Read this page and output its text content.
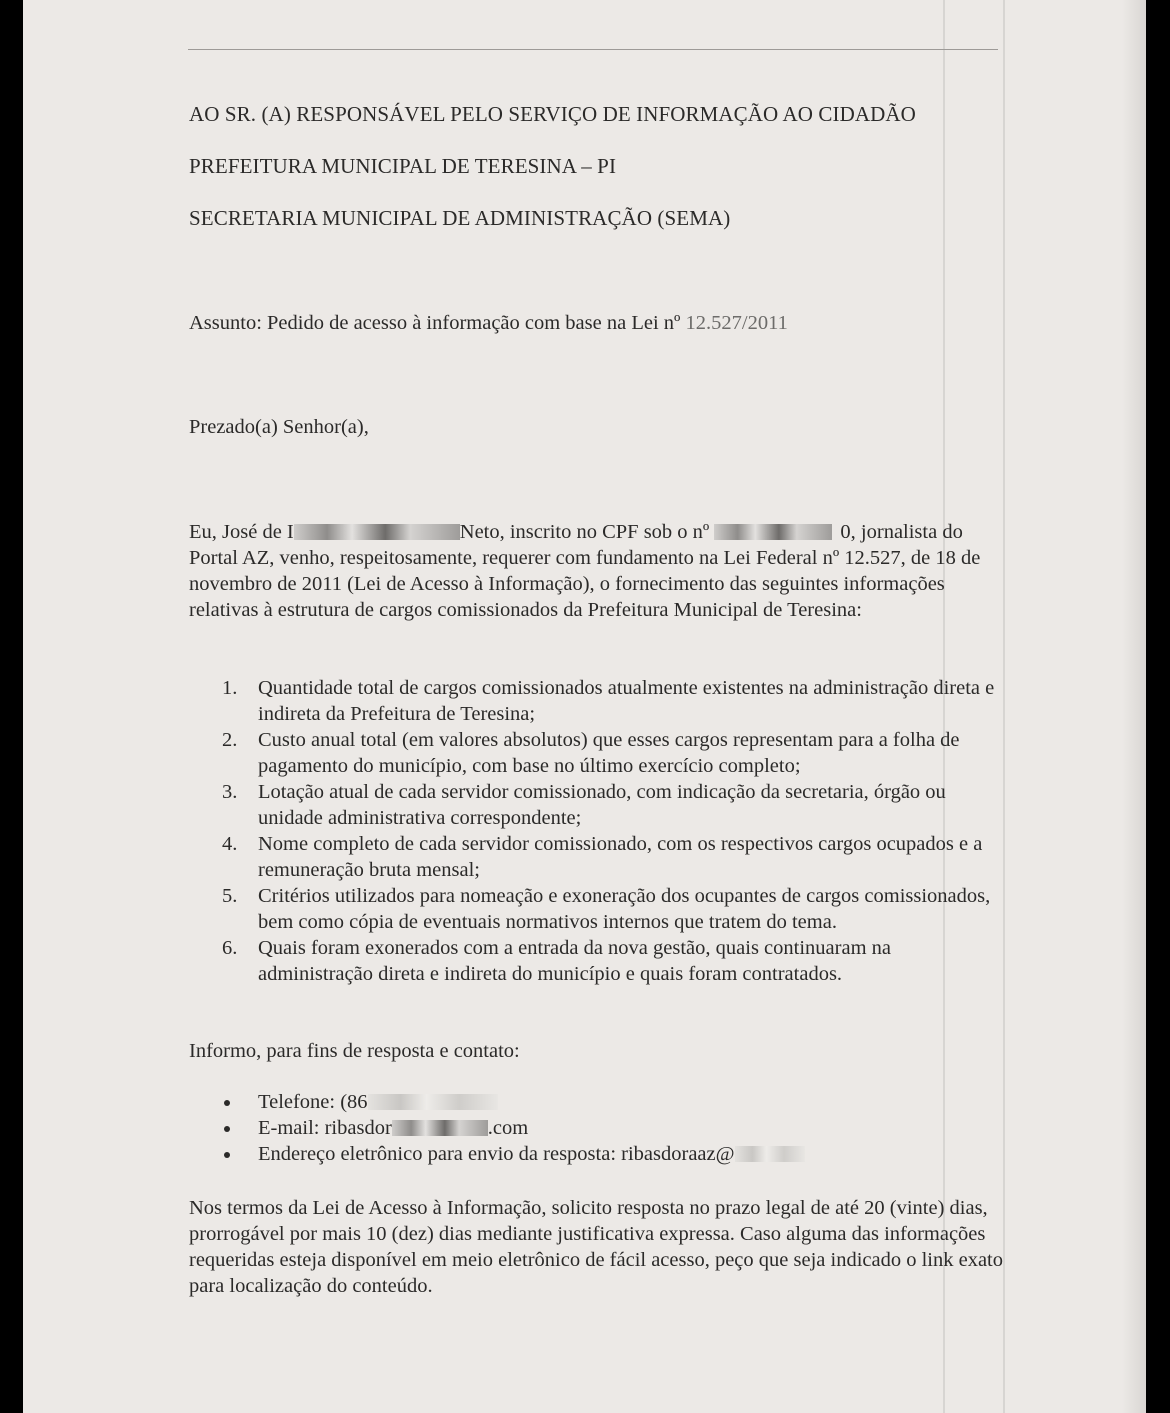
AO SR. (A) RESPONSÁVEL PELO SERVIÇO DE INFORMAÇÃO AO CIDADÃO
PREFEITURA MUNICIPAL DE TERESINA – PI
SECRETARIA MUNICIPAL DE ADMINISTRAÇÃO (SEMA)
Assunto: Pedido de acesso à informação com base na Lei nº 12.527/2011
Prezado(a) Senhor(a),
Eu, José de I	Neto, inscrito no CPF sob o nº	0, jornalista do Portal AZ, venho, respeitosamente, requerer com fundamento na Lei Federal nº 12.527, de 18 de novembro de 2011 (Lei de Acesso à Informação), o fornecimento das seguintes informações relativas à estrutura de cargos comissionados da Prefeitura Municipal de Teresina:
1. Quantidade total de cargos comissionados atualmente existentes na administração direta e indireta da Prefeitura de Teresina;
2. Custo anual total (em valores absolutos) que esses cargos representam para a folha de pagamento do município, com base no último exercício completo;
3. Lotação atual de cada servidor comissionado, com indicação da secretaria, órgão ou unidade administrativa correspondente;
4. Nome completo de cada servidor comissionado, com os respectivos cargos ocupados e a remuneração bruta mensal;
5. Critérios utilizados para nomeação e exoneração dos ocupantes de cargos comissionados, bem como cópia de eventuais normativos internos que tratem do tema.
6. Quais foram exonerados com a entrada da nova gestão, quais continuaram na administração direta e indireta do município e quais foram contratados.
Informo, para fins de resposta e contato:
Telefone: (86
E-mail: ribasdor	.com
Endereço eletrônico para envio da resposta: ribasdoraaz@
Nos termos da Lei de Acesso à Informação, solicito resposta no prazo legal de até 20 (vinte) dias, prorrogável por mais 10 (dez) dias mediante justificativa expressa. Caso alguma das informações requeridas esteja disponível em meio eletrônico de fácil acesso, peço que seja indicado o link exato para localização do conteúdo.
